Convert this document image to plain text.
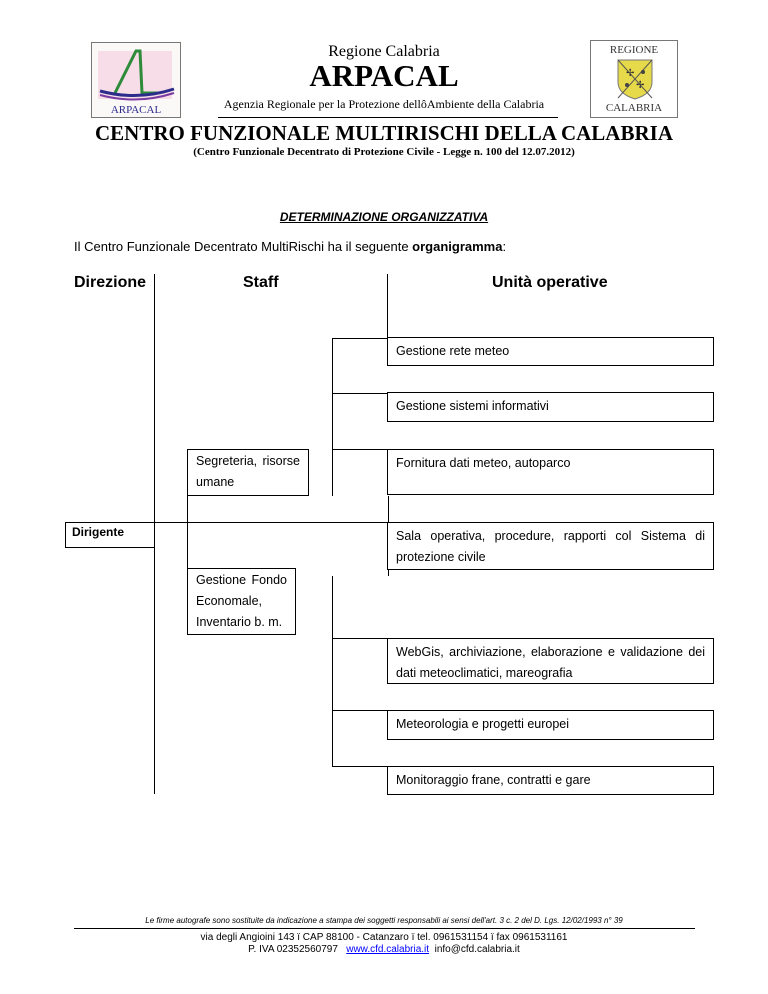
ARPACAL
Regione Calabria
ARPACAL
Agenzia Regionale per la Protezione dellôAmbiente della Calabria
REGIONE
✢
✢
CALABRIA
CENTRO FUNZIONALE MULTIRISCHI DELLA CALABRIA
(Centro Funzionale Decentrato di Protezione Civile - Legge n. 100 del 12.07.2012)
DETERMINAZIONE ORGANIZZATIVA
Il Centro Funzionale Decentrato MultiRischi ha il seguente organigramma:
Direzione	Staff	Unità operative
Dirigente
Segreteria, risorse umane
Gestione Fondo Economale, Inventario b. m.
Gestione rete meteo
Gestione sistemi informativi
Fornitura dati meteo, autoparco
Sala operativa, procedure, rapporti col Sistema di protezione civile
WebGis, archiviazione, elaborazione e validazione dei dati meteoclimatici, mareografia
Meteorologia e progetti europei
Monitoraggio frane, contratti e gare
Le firme autografe sono sostituite da indicazione a stampa dei soggetti responsabili ai sensi dell'art. 3 c. 2 del D. Lgs. 12/02/1993 n° 39
via degli Angioini 143 ï CAP 88100 - Catanzaro ï tel. 0961531154 ï fax 0961531161
P. IVA 02352560797 www.cfd.calabria.it info@cfd.calabria.it
